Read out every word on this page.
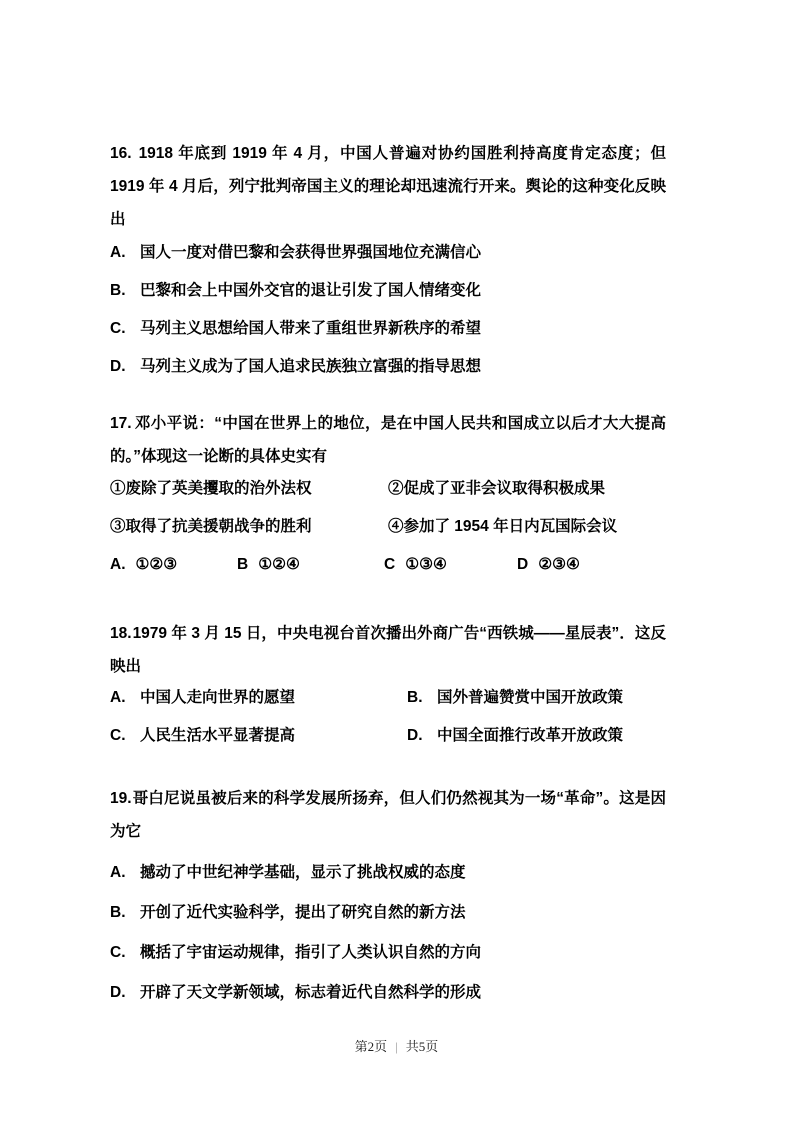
16. 1918 年底到 1919 年 4 月，中国人普遍对协约国胜利持高度肯定态度；但 1919 年 4 月后，列宁批判帝国主义的理论却迅速流行开来。舆论的这种变化反映出

A. 国人一度对借巴黎和会获得世界强国地位充满信心
B. 巴黎和会上中国外交官的退让引发了国人情绪变化
C. 马列主义思想给国人带来了重组世界新秩序的希望
D. 马列主义成为了国人追求民族独立富强的指导思想

17. 邓小平说：“中国在世界上的地位，是在中国人民共和国成立以后才大大提高的。”体现这一论断的具体史实有

①废除了英美攫取的治外法权	②促成了亚非会议取得积极成果
③取得了抗美援朝战争的胜利	④参加了 1954 年日内瓦国际会议
A. ①②③	B ①②④	C ①③④	D ②③④

18.1979 年 3 月 15 日，中央电视台首次播出外商广告“西铁城——星辰表”．这反映出

A. 中国人走向世界的愿望	B. 国外普遍赞赏中国开放政策
C. 人民生活水平显著提高	D. 中国全面推行改革开放政策

19.哥白尼说虽被后来的科学发展所扬弃，但人们仍然视其为一场“革命”。这是因为它

A. 撼动了中世纪神学基础，显示了挑战权威的态度
B. 开创了近代实验科学，提出了研究自然的新方法
C. 概括了宇宙运动规律，指引了人类认识自然的方向
D. 开辟了天文学新领域，标志着近代自然科学的形成
第2页 | 共5页
